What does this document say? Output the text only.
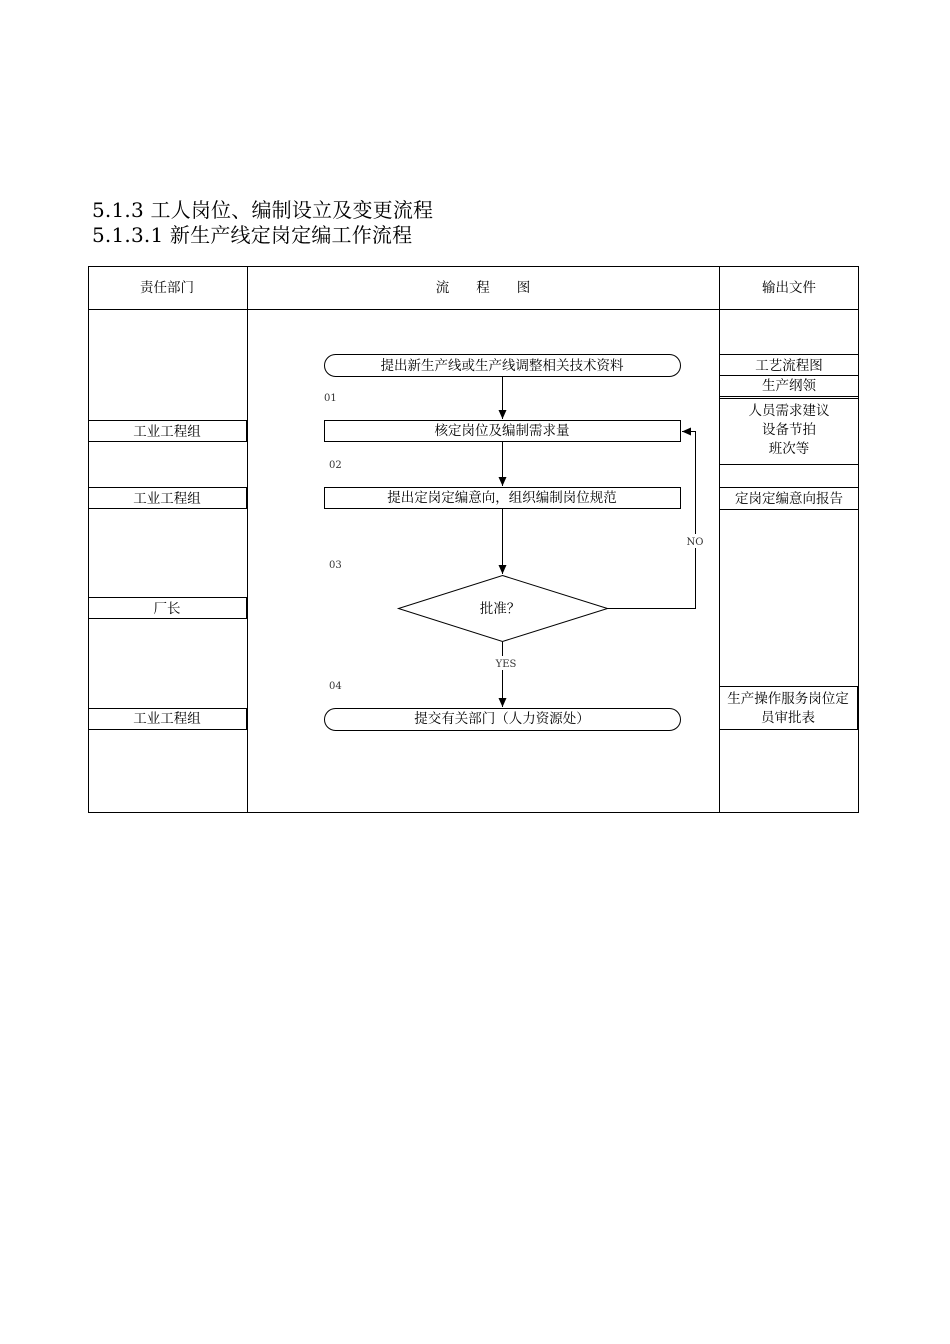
5.1.3 工人岗位、编制设立及变更流程
5.1.3.1 新生产线定岗定编工作流程
责任部门	流　　程　　图	输出文件
工业工程组
工业工程组
厂长
工业工程组
提出新生产线或生产线调整相关技术资料
01
核定岗位及编制需求量
02
提出定岗定编意向，组织编制岗位规范
03
批准？
NO
YES
04
提交有关部门（人力资源处）
工艺流程图
生产纲领
人员需求建议
设备节拍
班次等
定岗定编意向报告
生产操作服务岗位定
员审批表
